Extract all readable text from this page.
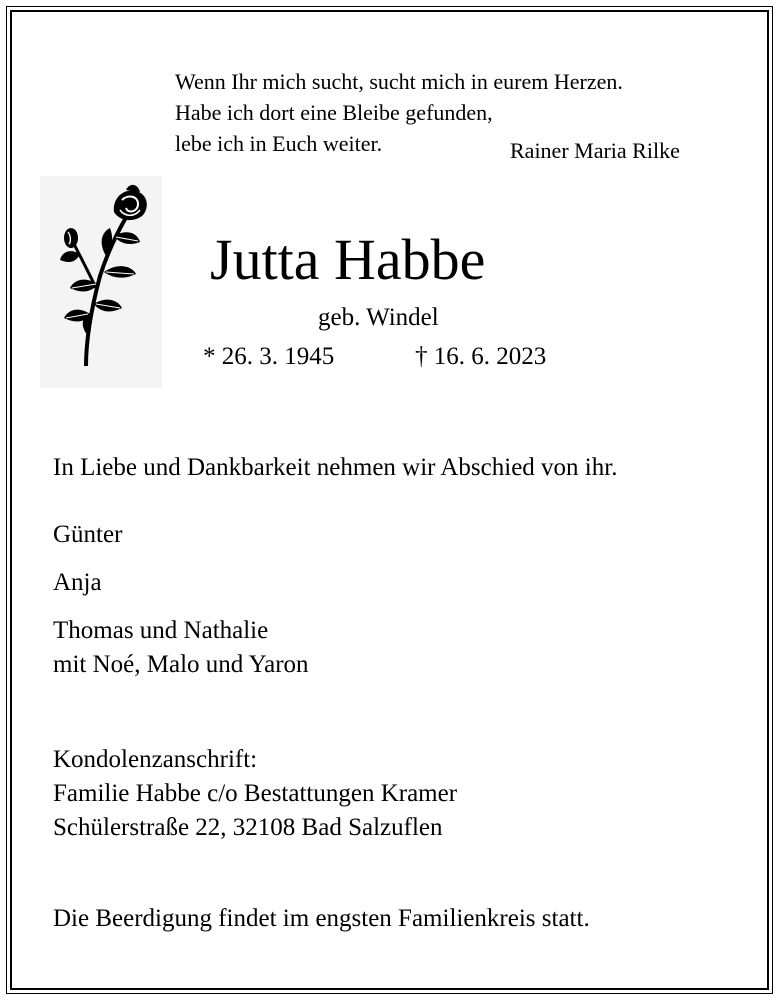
Wenn Ihr mich sucht, sucht mich in eurem Herzen.
Habe ich dort eine Bleibe gefunden,
lebe ich in Euch weiter.	Rainer Maria Rilke
Jutta Habbe
geb. Windel
* 26. 3. 1945	† 16. 6. 2023
In Liebe und Dankbarkeit nehmen wir Abschied von ihr.
Günter
Anja
Thomas und Nathalie
mit Noé, Malo und Yaron
Kondolenzanschrift:
Familie Habbe c/o Bestattungen Kramer
Schülerstraße 22, 32108 Bad Salzuflen
Die Beerdigung findet im engsten Familienkreis statt.
